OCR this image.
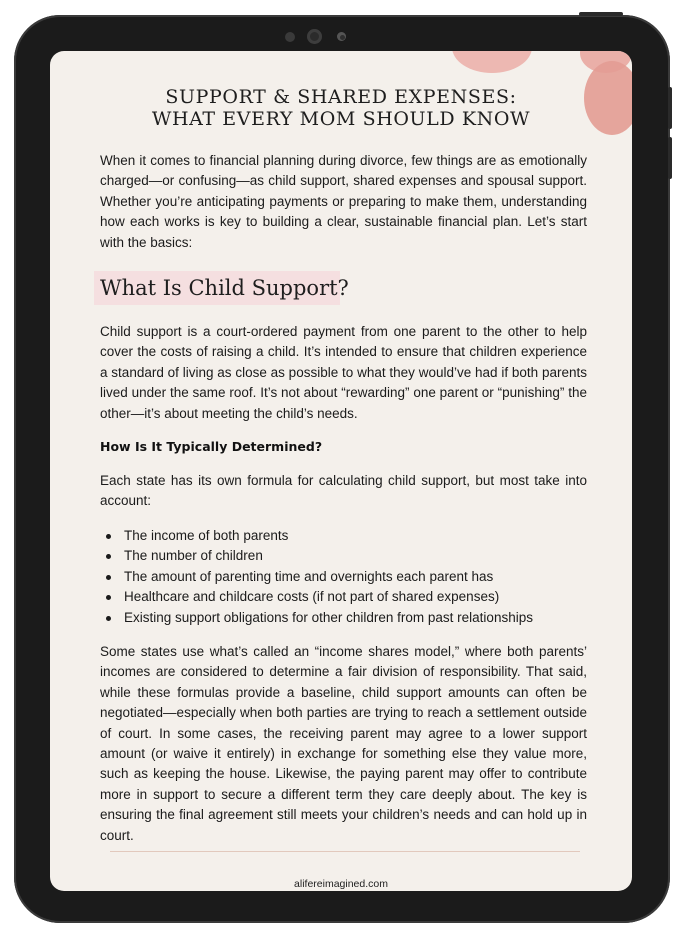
SUPPORT & SHARED EXPENSES:
WHAT EVERY MOM SHOULD KNOW

When it comes to financial planning during divorce, few things are as emotionally charged—or confusing—as child support, shared expenses and spousal support. Whether you’re anticipating payments or preparing to make them, understanding how each works is key to building a clear, sustainable financial plan. Let’s start with the basics:

What Is Child Support?

Child support is a court-ordered payment from one parent to the other to help cover the costs of raising a child. It’s intended to ensure that children experience a standard of living as close as possible to what they would’ve had if both parents lived under the same roof. It’s not about “rewarding” one parent or “punishing” the other—it’s about meeting the child’s needs.

How Is It Typically Determined?

Each state has its own formula for calculating child support, but most take into account:

The income of both parents
The number of children
The amount of parenting time and overnights each parent has
Healthcare and childcare costs (if not part of shared expenses)
Existing support obligations for other children from past relationships

Some states use what’s called an “income shares model,” where both parents’ incomes are considered to determine a fair division of responsibility. That said, while these formulas provide a baseline, child support amounts can often be negotiated—especially when both parties are trying to reach a settlement outside of court. In some cases, the receiving parent may agree to a lower support amount (or waive it entirely) in exchange for something else they value more, such as keeping the house. Likewise, the paying parent may offer to contribute more in support to secure a different term they care deeply about. The key is ensuring the final agreement still meets your children’s needs and can hold up in court.

alifereimagined.com
